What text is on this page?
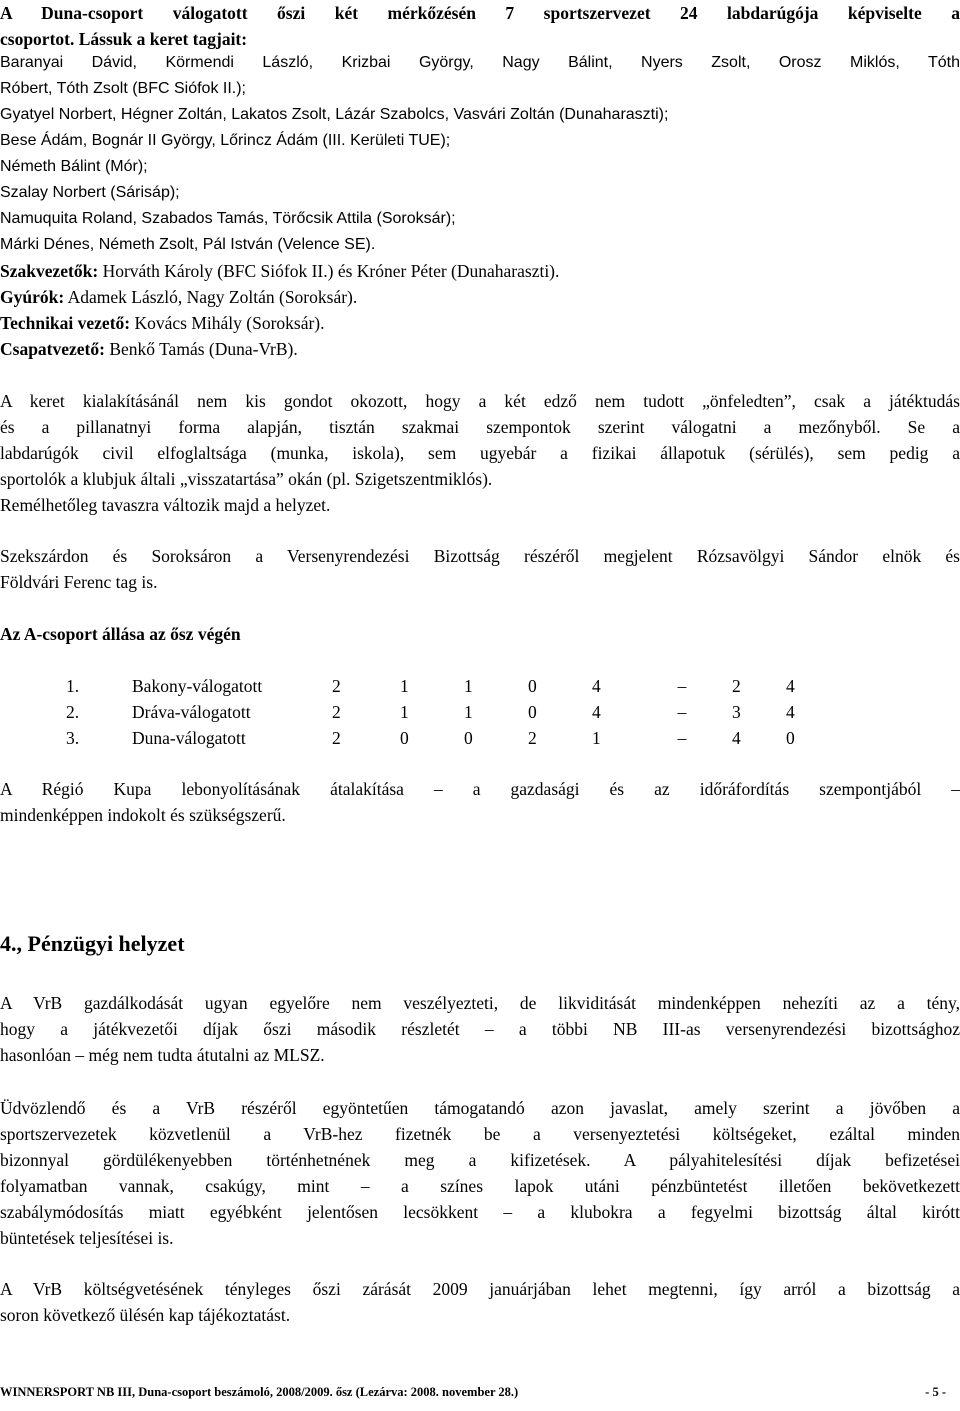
A Duna-csoport válogatott őszi két mérkőzésén 7 sportszervezet 24 labdarúgója képviselte a
csoportot. Lássuk a keret tagjait:
Baranyai Dávid, Körmendi László, Krizbai György, Nagy Bálint, Nyers Zsolt, Orosz Miklós, Tóth
Róbert, Tóth Zsolt (BFC Siófok II.);
Gyatyel Norbert, Hégner Zoltán, Lakatos Zsolt, Lázár Szabolcs, Vasvári Zoltán (Dunaharaszti);
Bese Ádám, Bognár II György, Lőrincz Ádám (III. Kerületi TUE);
Németh Bálint (Mór);
Szalay Norbert (Sárisáp);
Namuquita Roland, Szabados Tamás, Törőcsik Attila (Soroksár);
Márki Dénes, Németh Zsolt, Pál István (Velence SE).
Szakvezetők: Horváth Károly (BFC Siófok II.) és Króner Péter (Dunaharaszti).
Gyúrók: Adamek László, Nagy Zoltán (Soroksár).
Technikai vezető: Kovács Mihály (Soroksár).
Csapatvezető: Benkő Tamás (Duna-VrB).
A keret kialakításánál nem kis gondot okozott, hogy a két edző nem tudott „önfeledten”, csak a játéktudás
és a pillanatnyi forma alapján, tisztán szakmai szempontok szerint válogatni a mezőnyből. Se a
labdarúgók civil elfoglaltsága (munka, iskola), sem ugyebár a fizikai állapotuk (sérülés), sem pedig a
sportolók a klubjuk általi „visszatartása” okán (pl. Szigetszentmiklós).
Remélhetőleg tavaszra változik majd a helyzet.
Szekszárdon és Soroksáron a Versenyrendezési Bizottság részéről megjelent Rózsavölgyi Sándor elnök és
Földvári Ferenc tag is.
Az A-csoport állása az ősz végén
1.	Bakony-válogatott	2	1	1	0	4	–	2	4
2.	Dráva-válogatott	2	1	1	0	4	–	3	4
3.	Duna-válogatott	2	0	0	2	1	–	4	0
A Régió Kupa lebonyolításának átalakítása – a gazdasági és az időráfordítás szempontjából –
mindenképpen indokolt és szükségszerű.
4., Pénzügyi helyzet
A VrB gazdálkodását ugyan egyelőre nem veszélyezteti, de likviditását mindenképpen nehezíti az a tény,
hogy a játékvezetői díjak őszi második részletét – a többi NB III-as versenyrendezési bizottsághoz
hasonlóan – még nem tudta átutalni az MLSZ.
Üdvözlendő és a VrB részéről egyöntetűen támogatandó azon javaslat, amely szerint a jövőben a
sportszervezetek közvetlenül a VrB-hez fizetnék be a versenyeztetési költségeket, ezáltal minden
bizonnyal gördülékenyebben történhetnének meg a kifizetések. A pályahitelesítési díjak befizetései
folyamatban vannak, csakúgy, mint – a színes lapok utáni pénzbüntetést illetően bekövetkezett
szabálymódosítás miatt egyébként jelentősen lecsökkent – a klubokra a fegyelmi bizottság által kirótt
büntetések teljesítései is.
A VrB költségvetésének tényleges őszi zárását 2009 januárjában lehet megtenni, így arról a bizottság a
soron következő ülésén kap tájékoztatást.
WINNERSPORT NB III, Duna-csoport beszámoló, 2008/2009. ősz (Lezárva: 2008. november 28.)	- 5 -
